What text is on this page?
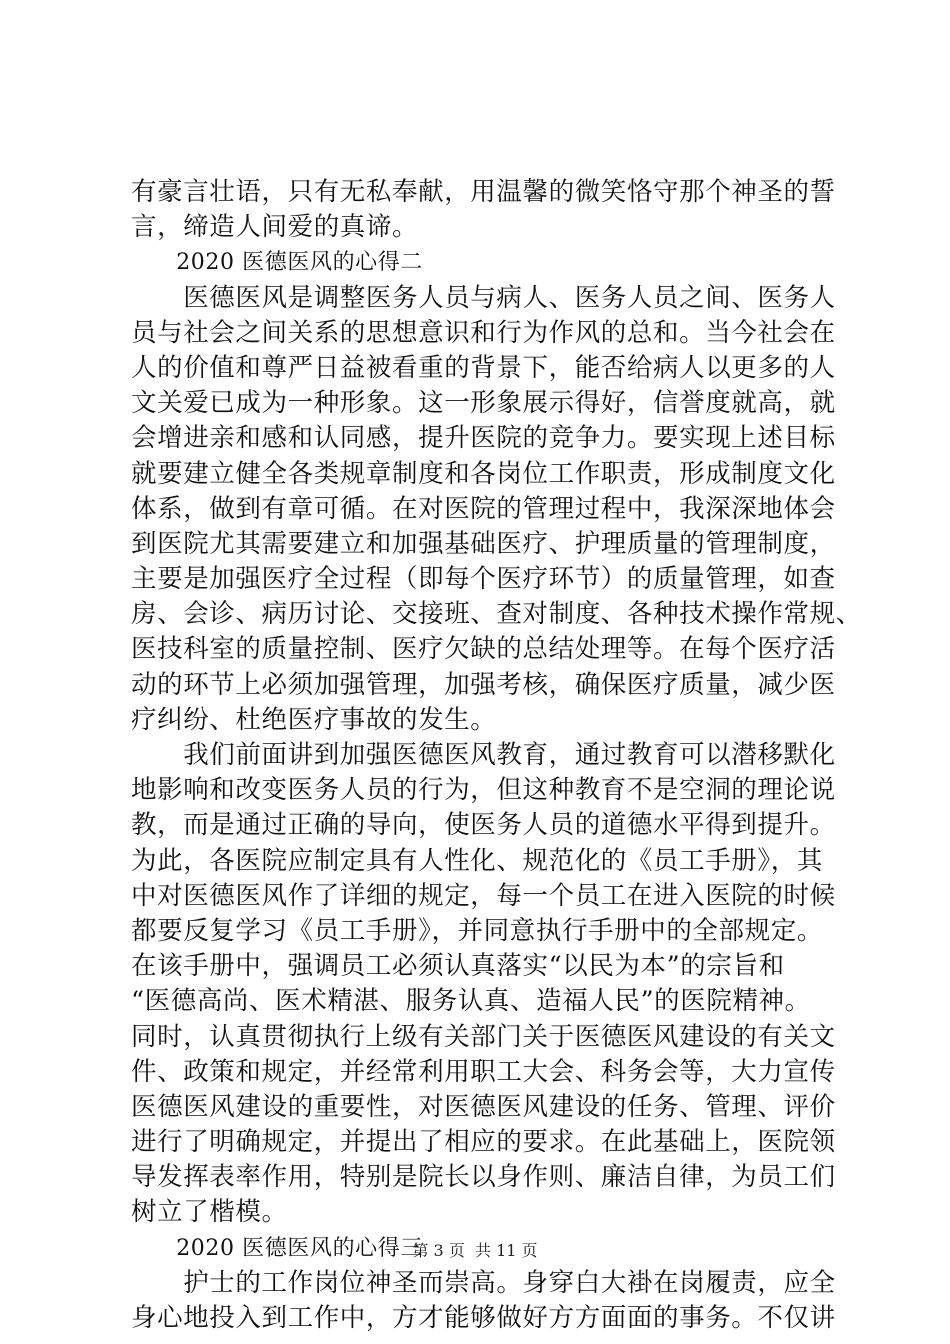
有豪言壮语，只有无私奉献，用温馨的微笑恪守那个神圣的誓
言，缔造人间爱的真谛。
　　2020 医德医风的心得二
　　医德医风是调整医务人员与病人、医务人员之间、医务人
员与社会之间关系的思想意识和行为作风的总和。当今社会在
人的价值和尊严日益被看重的背景下，能否给病人以更多的人
文关爱已成为一种形象。这一形象展示得好，信誉度就高，就
会增进亲和感和认同感，提升医院的竞争力。要实现上述目标
就要建立健全各类规章制度和各岗位工作职责，形成制度文化
体系，做到有章可循。在对医院的管理过程中，我深深地体会
到医院尤其需要建立和加强基础医疗、护理质量的管理制度，
主要是加强医疗全过程（即每个医疗环节）的质量管理，如查
房、会诊、病历讨论、交接班、查对制度、各种技术操作常规、
医技科室的质量控制、医疗欠缺的总结处理等。在每个医疗活
动的环节上必须加强管理，加强考核，确保医疗质量，减少医
疗纠纷、杜绝医疗事故的发生。
　　我们前面讲到加强医德医风教育，通过教育可以潜移默化
地影响和改变医务人员的行为，但这种教育不是空洞的理论说
教，而是通过正确的导向，使医务人员的道德水平得到提升。
为此，各医院应制定具有人性化、规范化的《员工手册》，其
中对医德医风作了详细的规定，每一个员工在进入医院的时候
都要反复学习《员工手册》，并同意执行手册中的全部规定。
在该手册中，强调员工必须认真落实“以民为本”的宗旨和
“医德高尚、医术精湛、服务认真、造福人民”的医院精神。
同时，认真贯彻执行上级有关部门关于医德医风建设的有关文
件、政策和规定，并经常利用职工大会、科务会等，大力宣传
医德医风建设的重要性，对医德医风建设的任务、管理、评价
进行了明确规定，并提出了相应的要求。在此基础上，医院领
导发挥表率作用，特别是院长以身作则、廉洁自律，为员工们
树立了楷模。
　　2020 医德医风的心得三
　　护士的工作岗位神圣而崇高。身穿白大褂在岗履责，应全
身心地投入到工作中，方才能够做好方方面面的事务。不仅讲
第 3 页  共 11 页
